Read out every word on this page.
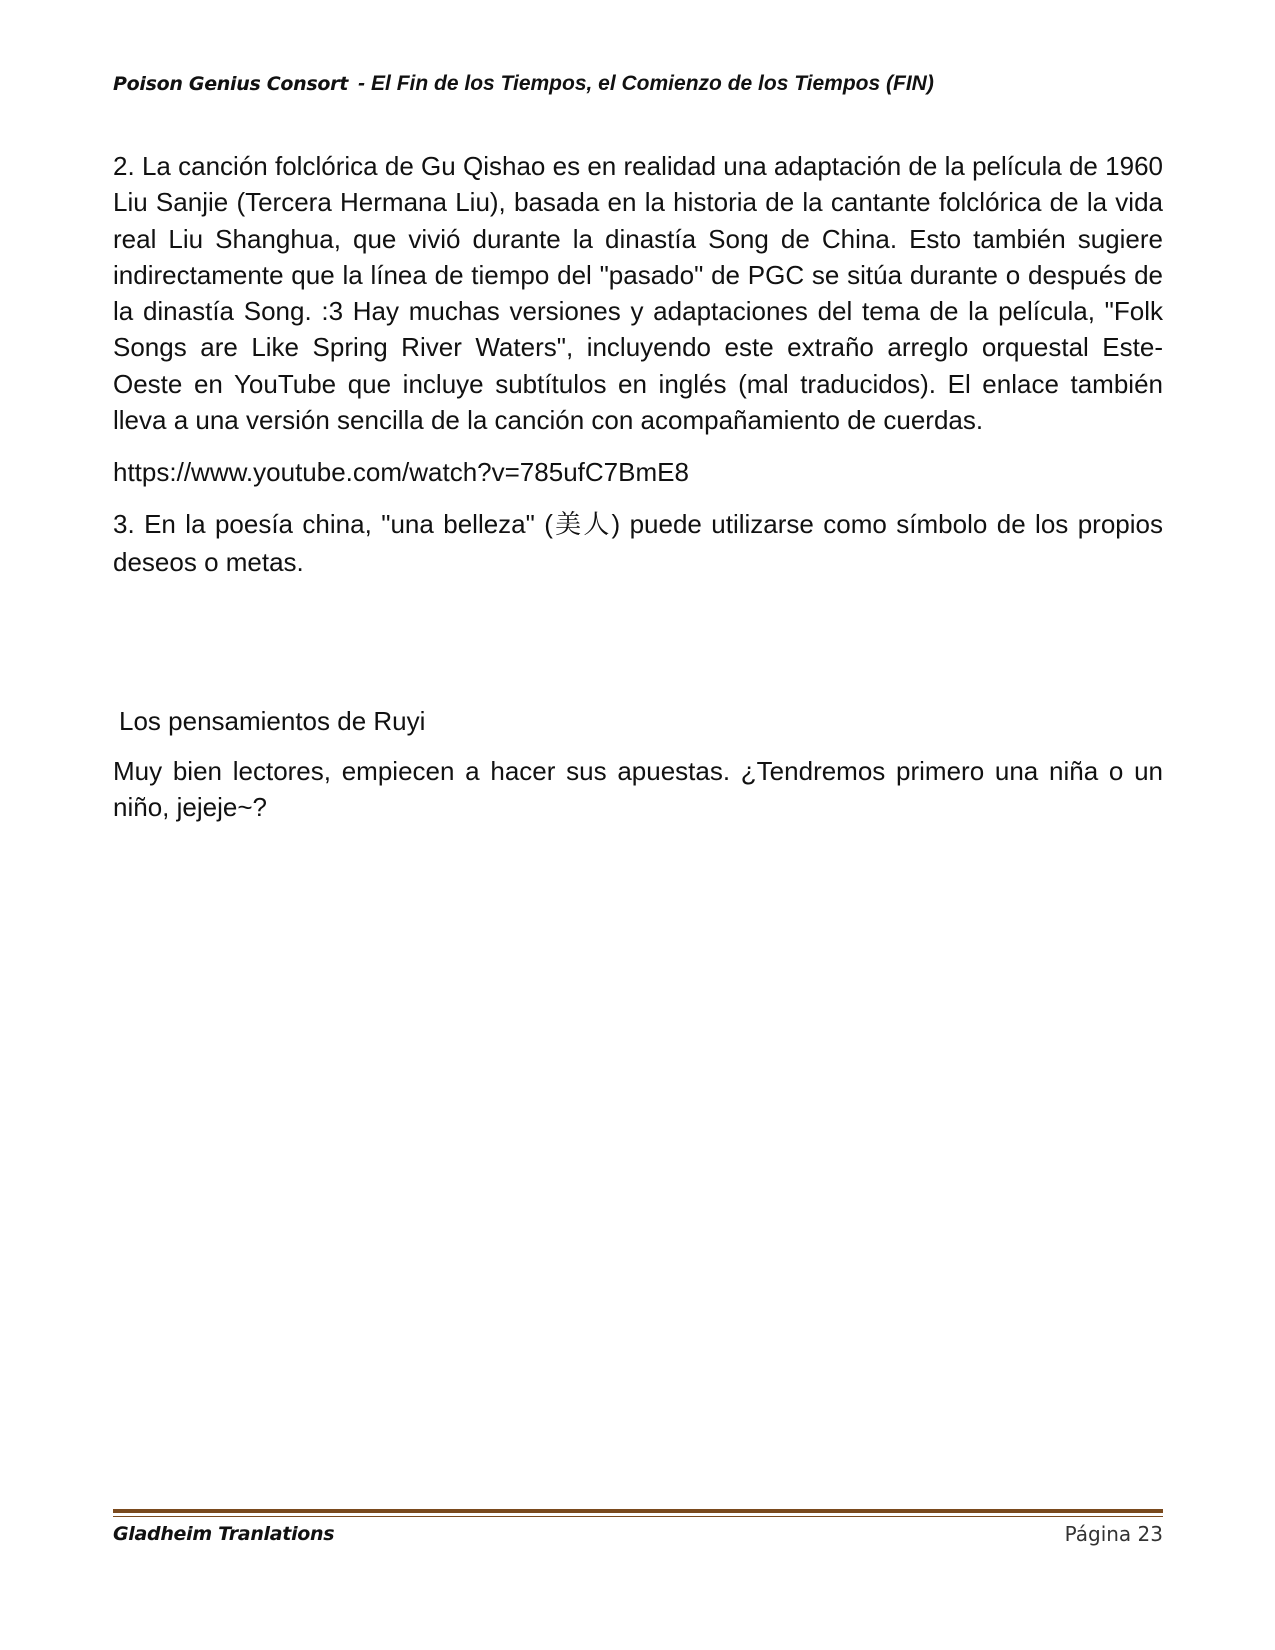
Poison Genius Consort - El Fin de los Tiempos, el Comienzo de los Tiempos (FIN)

2. La canción folclórica de Gu Qishao es en realidad una adaptación de la película de 1960 Liu Sanjie (Tercera Hermana Liu), basada en la historia de la cantante folclórica de la vida real Liu Shanghua, que vivió durante la dinastía Song de China. Esto también sugiere indirectamente que la línea de tiempo del "pasado" de PGC se sitúa durante o después de la dinastía Song. :3 Hay muchas versiones y adaptaciones del tema de la película, "Folk Songs are Like Spring River Waters", incluyendo este extraño arreglo orquestal Este-Oeste en YouTube que incluye subtítulos en inglés (mal traducidos). El enlace también lleva a una versión sencilla de la canción con acompañamiento de cuerdas.

https://www.youtube.com/watch?v=785ufC7BmE8

3. En la poesía china, "una belleza" (美人) puede utilizarse como símbolo de los propios deseos o metas.

Los pensamientos de Ruyi

Muy bien lectores, empiecen a hacer sus apuestas. ¿Tendremos primero una niña o un niño, jejeje~?

Gladheim Tranlations	Página 23
